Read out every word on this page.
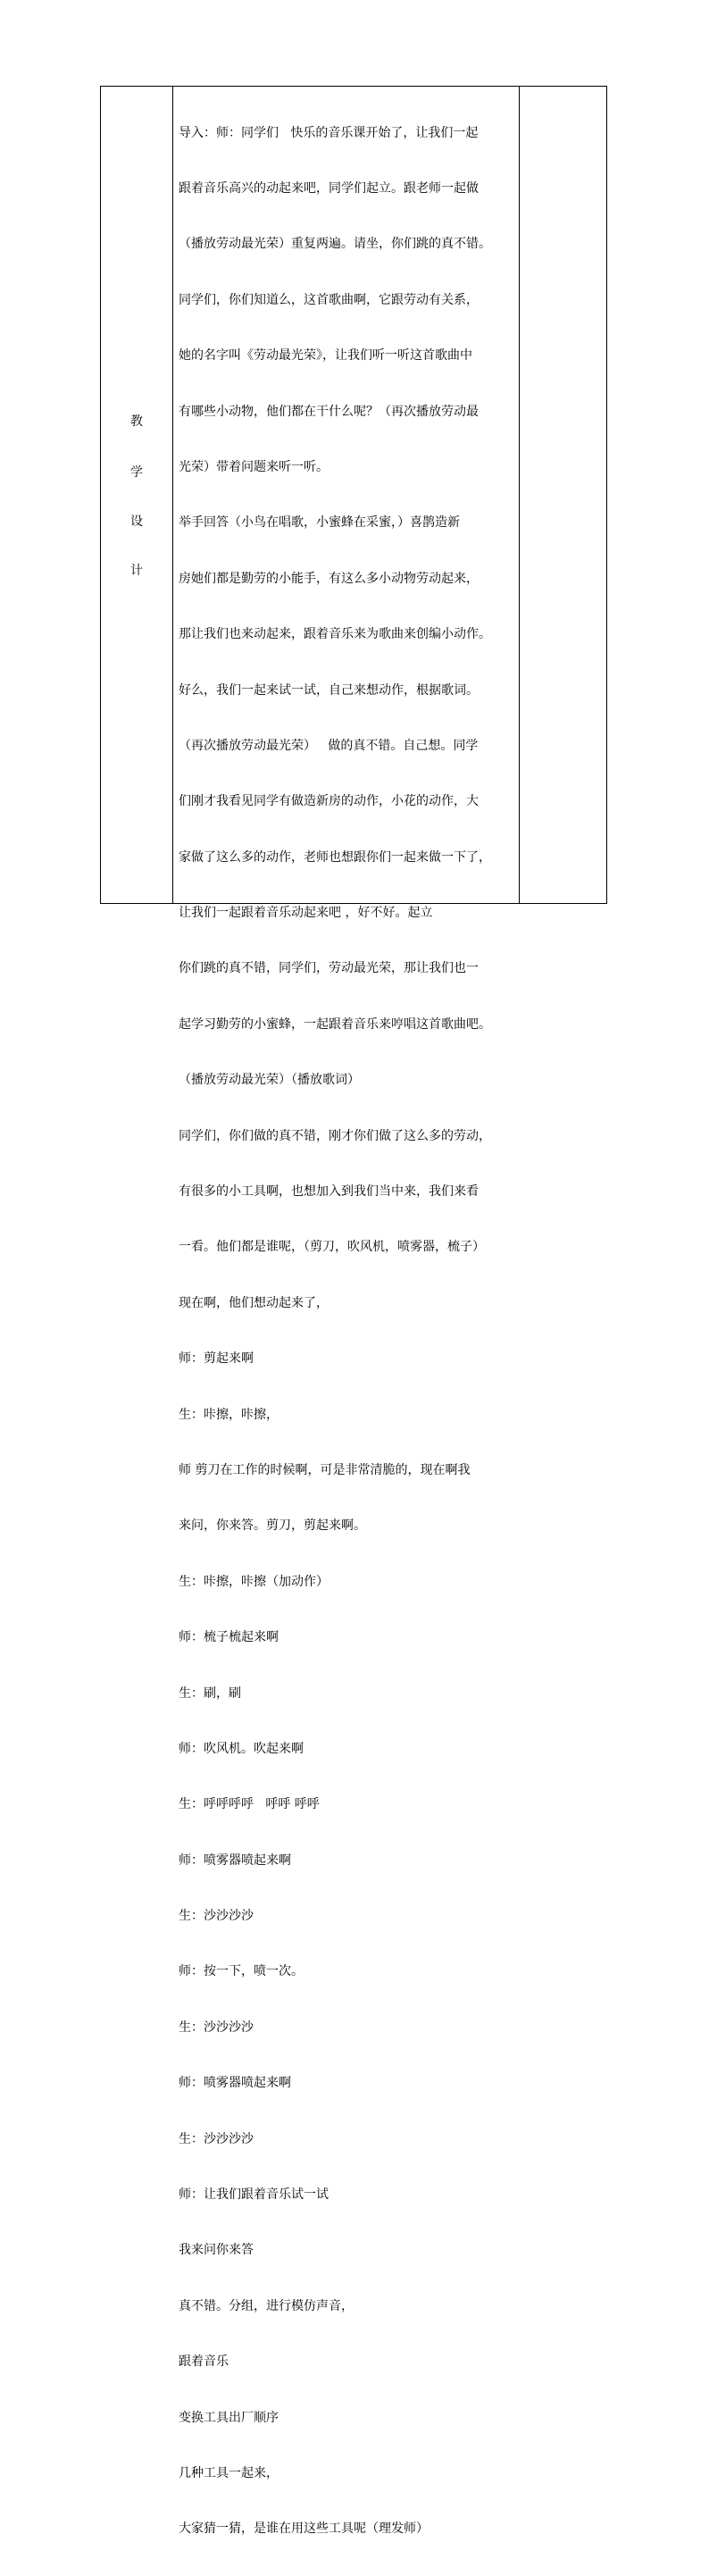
教
学
设
计

导入：师：同学们   快乐的音乐课开始了，让我们一起

跟着音乐高兴的动起来吧，同学们起立。跟老师一起做

（播放劳动最光荣）重复两遍。请坐，你们跳的真不错。

同学们，你们知道么，这首歌曲啊，它跟劳动有关系，

她的名字叫《劳动最光荣》，让我们听一听这首歌曲中

有哪些小动物，他们都在干什么呢？（再次播放劳动最

光荣）带着问题来听一听。

举手回答（小鸟在唱歌，小蜜蜂在采蜜，）喜鹊造新

房她们都是勤劳的小能手，有这么多小动物劳动起来，

那让我们也来动起来，跟着音乐来为歌曲来创编小动作。

好么，我们一起来试一试，自己来想动作，根据歌词。

（再次播放劳动最光荣）   做的真不错。自己想。同学

们刚才我看见同学有做造新房的动作，小花的动作，大

家做了这么多的动作，老师也想跟你们一起来做一下了，

让我们一起跟着音乐动起来吧 ，好不好。起立

你们跳的真不错，同学们，劳动最光荣，那让我们也一

起学习勤劳的小蜜蜂，一起跟着音乐来哼唱这首歌曲吧。

（播放劳动最光荣）（播放歌词）

同学们，你们做的真不错，刚才你们做了这么多的劳动，

有很多的小工具啊，也想加入到我们当中来，我们来看

一看。他们都是谁呢，（剪刀，吹风机，喷雾器，梳子）

现在啊，他们想动起来了，

师：剪起来啊

生：咔擦，咔擦，

师 剪刀在工作的时候啊，可是非常清脆的，现在啊我

来问，你来答。剪刀，剪起来啊。

生：咔擦，咔擦（加动作）

师：梳子梳起来啊

生：刷，刷

师：吹风机。吹起来啊

生：呼呼呼呼   呼呼 呼呼

师：喷雾器喷起来啊

生：沙沙沙沙

师：按一下，喷一次。

生：沙沙沙沙

师：喷雾器喷起来啊

生：沙沙沙沙

师：让我们跟着音乐试一试

我来问你来答

真不错。分组，进行模仿声音，

跟着音乐

变换工具出厂顺序

几种工具一起来，

大家猜一猜，是谁在用这些工具呢（理发师）
